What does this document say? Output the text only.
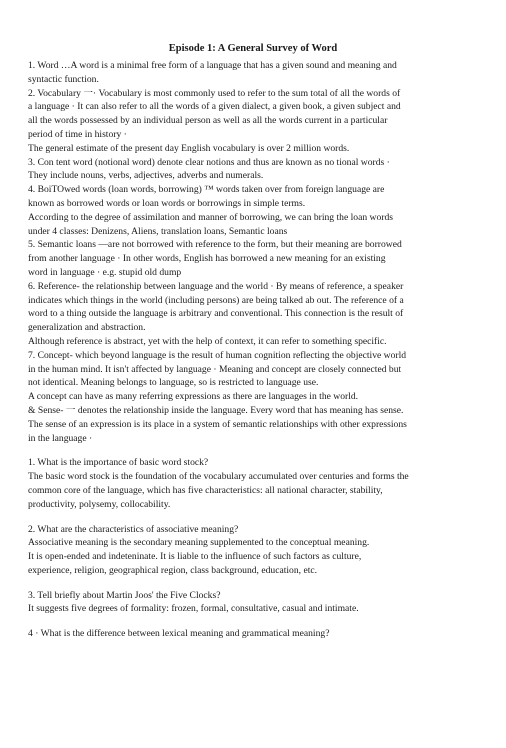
Episode 1: A General Survey of Word
1. Word …A word is a minimal free form of a language that has a given sound and meaning and
syntactic function.
2. Vocabulary 一· Vocabulary is most commonly used to refer to the sum total of all the words of
a language · It can also refer to all the words of a given dialect, a given book, a given subject and
all the words possessed by an individual person as well as all the words current in a particular
period of time in history ·
The general estimate of the present day English vocabulary is over 2 million words.
3. Con tent word (notional word) denote clear notions and thus are known as no tional words ·
They include nouns, verbs, adjectives, adverbs and numerals.
4. BoiTOwed words (loan words, borrowing) ™ words taken over from foreign language are
known as borrowed words or loan words or borrowings in simple terms.
According to the degree of assimilation and manner of borrowing, we can bring the loan words
under 4 classes: Denizens, Aliens, translation loans, Semantic loans
5. Semantic loans —are not borrowed with reference to the form, but their meaning are borrowed
from another language · In other words, English has borrowed a new meaning for an existing
word in language · e.g. stupid old dump
6. Reference- the relationship between language and the world · By means of reference, a speaker
indicates which things in the world (including persons) are being talked ab out. The reference of a
word to a thing outside the language is arbitrary and conventional. This connection is the result of
generalization and abstraction.
Although reference is abstract, yet with the help of context, it can refer to something specific.
7. Concept- which beyond language is the result of human cognition reflecting the objective world
in the human mind. It isn't affected by language · Meaning and concept are closely connected but
not identical. Meaning belongs to language, so is restricted to language use.
A concept can have as many referring expressions as there are languages in the world.
& Sense- 一 denotes the relationship inside the language. Every word that has meaning has sense.
The sense of an expression is its place in a system of semantic relationships with other expressions
in the language ·
1. What is the importance of basic word stock?
The basic word stock is the foundation of the vocabulary accumulated over centuries and forms the
common core of the language, which has five characteristics: all national character, stability,
productivity, polysemy, collocability.
2. What are the characteristics of associative meaning?
Associative meaning is the secondary meaning supplemented to the conceptual meaning.
It is open-ended and indeteninate. It is liable to the influence of such factors as culture,
experience, religion, geographical region, class background, education, etc.
3. Tell briefly about Martin Joos' the Five Clocks?
It suggests five degrees of formality: frozen, formal, consultative, casual and intimate.
4 · What is the difference between lexical meaning and grammatical meaning?
